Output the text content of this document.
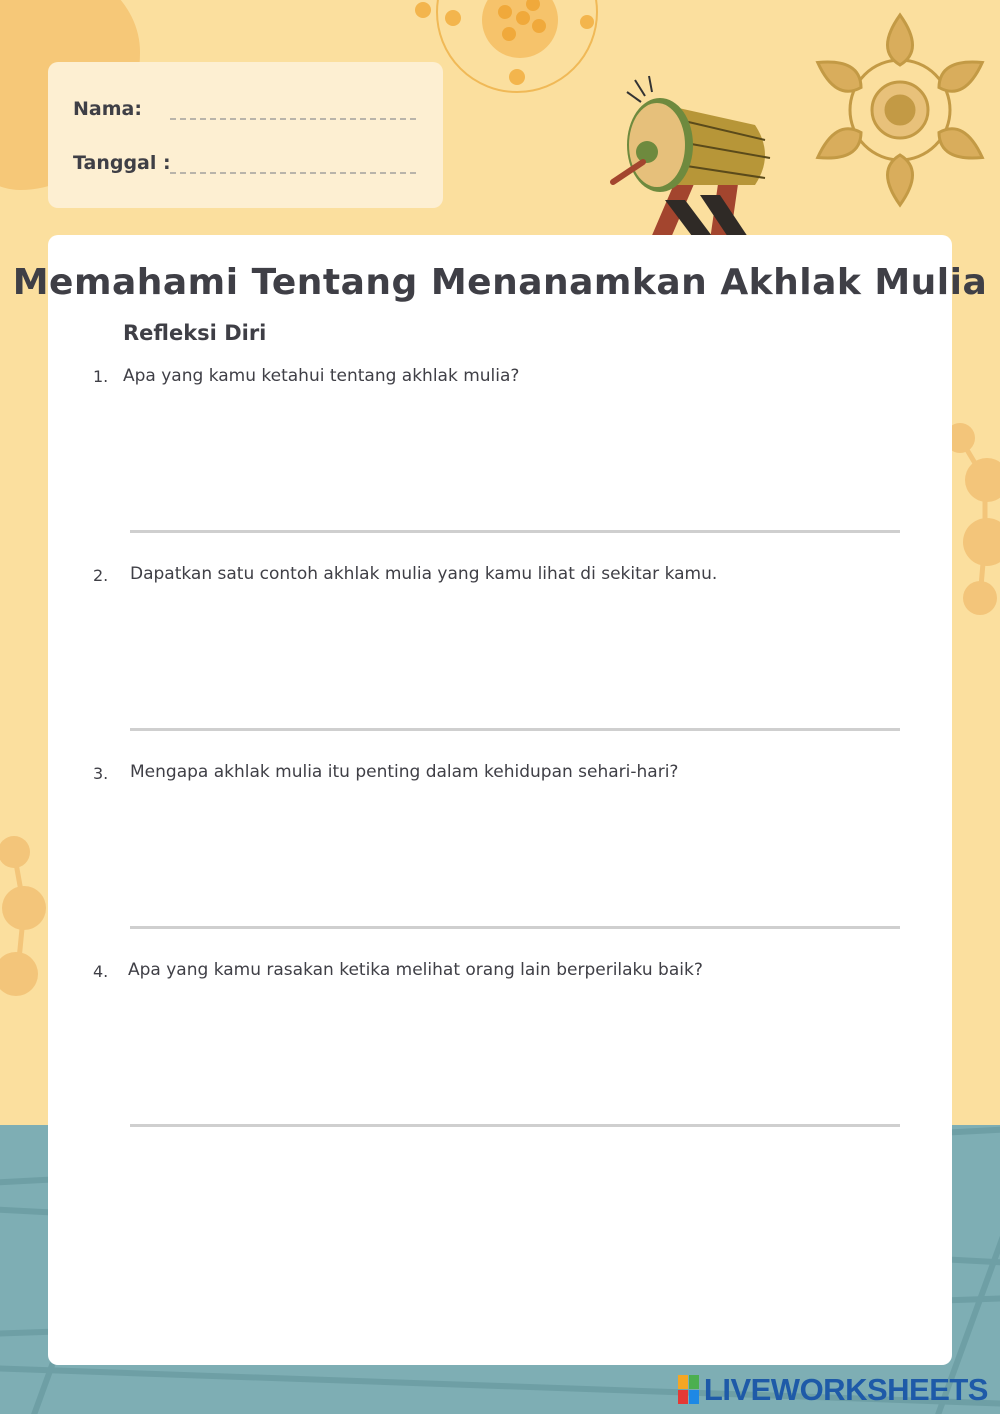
Nama:
Tanggal :
Memahami Tentang Menanamkan Akhlak Mulia
Refleksi Diri
1. Apa yang kamu ketahui tentang akhlak mulia?
2. Dapatkan satu contoh akhlak mulia yang kamu lihat di sekitar kamu.
3. Mengapa akhlak mulia itu penting dalam kehidupan sehari-hari?
4. Apa yang kamu rasakan ketika melihat orang lain berperilaku baik?
LIVEWORKSHEETS
